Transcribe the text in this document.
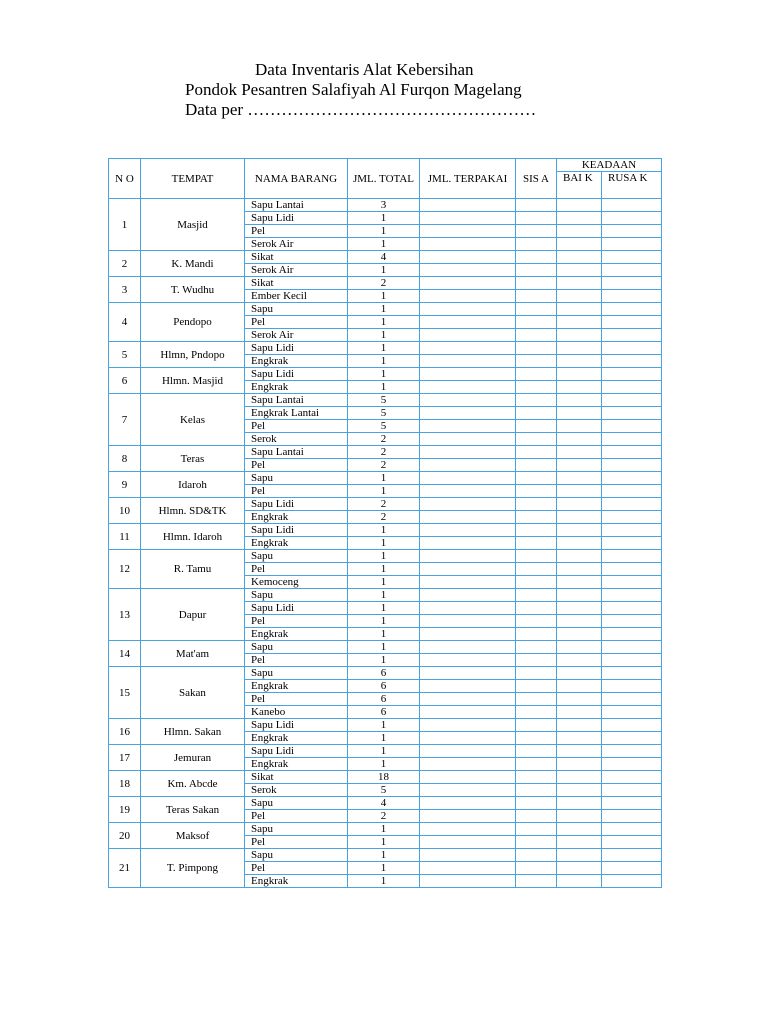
Data Inventaris Alat Kebersihan
Pondok Pesantren Salafiyah Al Furqon Magelang
Data per ……………………………………………
N O	TEMPAT	NAMA BARANG	JML. TOTAL	JML. TERPAKAI	SIS A	KEADAAN	
						BAI K	RUSA K
1	Masjid	Sapu Lantai	3				
		Sapu Lidi	1				
		Pel	1				
		Serok Air	1				
2	K. Mandi	Sikat	4				
		Serok Air	1				
3	T. Wudhu	Sikat	2				
		Ember Kecil	1				
4	Pendopo	Sapu	1				
		Pel	1				
		Serok Air	1				
5	Hlmn, Pndopo	Sapu Lidi	1				
		Engkrak	1				
6	Hlmn. Masjid	Sapu Lidi	1				
		Engkrak	1				
7	Kelas	Sapu Lantai	5				
		Engkrak Lantai	5				
		Pel	5				
		Serok	2				
8	Teras	Sapu Lantai	2				
		Pel	2				
9	Idaroh	Sapu	1				
		Pel	1				
10	Hlmn. SD&TK	Sapu Lidi	2				
		Engkrak	2				
11	Hlmn. Idaroh	Sapu Lidi	1				
		Engkrak	1				
12	R. Tamu	Sapu	1				
		Pel	1				
		Kemoceng	1				
13	Dapur	Sapu	1				
		Sapu Lidi	1				
		Pel	1				
		Engkrak	1				
14	Mat'am	Sapu	1				
		Pel	1				
15	Sakan	Sapu	6				
		Engkrak	6				
		Pel	6				
		Kanebo	6				
16	Hlmn. Sakan	Sapu Lidi	1				
		Engkrak	1				
17	Jemuran	Sapu Lidi	1				
		Engkrak	1				
18	Km. Abcde	Sikat	18				
		Serok	5				
19	Teras Sakan	Sapu	4				
		Pel	2				
20	Maksof	Sapu	1				
		Pel	1				
21	T. Pimpong	Sapu	1				
		Pel	1				
		Engkrak	1				
